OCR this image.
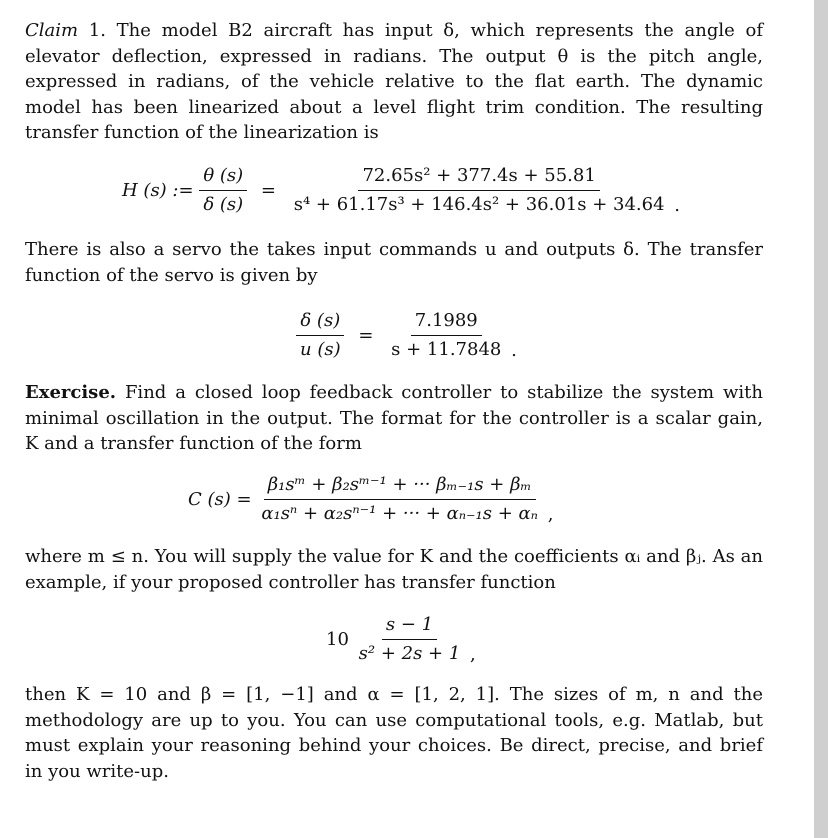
Claim 1. The model B2 aircraft has input δ, which represents the angle of elevator deflection, expressed in radians. The output θ is the pitch angle, expressed in radians, of the vehicle relative to the flat earth. The dynamic model has been linearized about a level flight trim condition. The resulting transfer function of the linearization is

H (s) := $\frac{\theta (s)}{\delta (s)} = \frac{\text{72.65s² + 377.4s + 55.81}}{\text{s⁴ + 61.17s³ + 146.4s² + 36.01s + 34.64}}$ .

There is also a servo the takes input commands u and outputs δ. The transfer function of the servo is given by

$\frac{\delta (s)}{u (s)} = \frac{7.1989}{s + 11.7848}$ .

Exercise. Find a closed loop feedback controller to stabilize the system with minimal oscillation in the output. The format for the controller is a scalar gain, K and a transfer function of the form

C $(s) = \frac{\text{β₁sᵐ + β₂sᵐ⁻¹ + ··· βₘ₋₁s + βₘ}}{\text{α₁sⁿ + α₂sⁿ⁻¹ + ··· + αₙ₋₁s + αₙ}}$ ,

where m ≤ n. You will supply the value for K and the coefficients αᵢ and βⱼ. As an example, if your proposed controller has transfer function

$10 \frac{s - 1}{\text{s² + 2s + 1}}$ ,

then K = 10 and β = [1, −1] and α = [1, 2, 1]. The sizes of m, n and the methodology are up to you. You can use computational tools, e.g. Matlab, but must explain your reasoning behind your choices. Be direct, precise, and brief in you write-up.
